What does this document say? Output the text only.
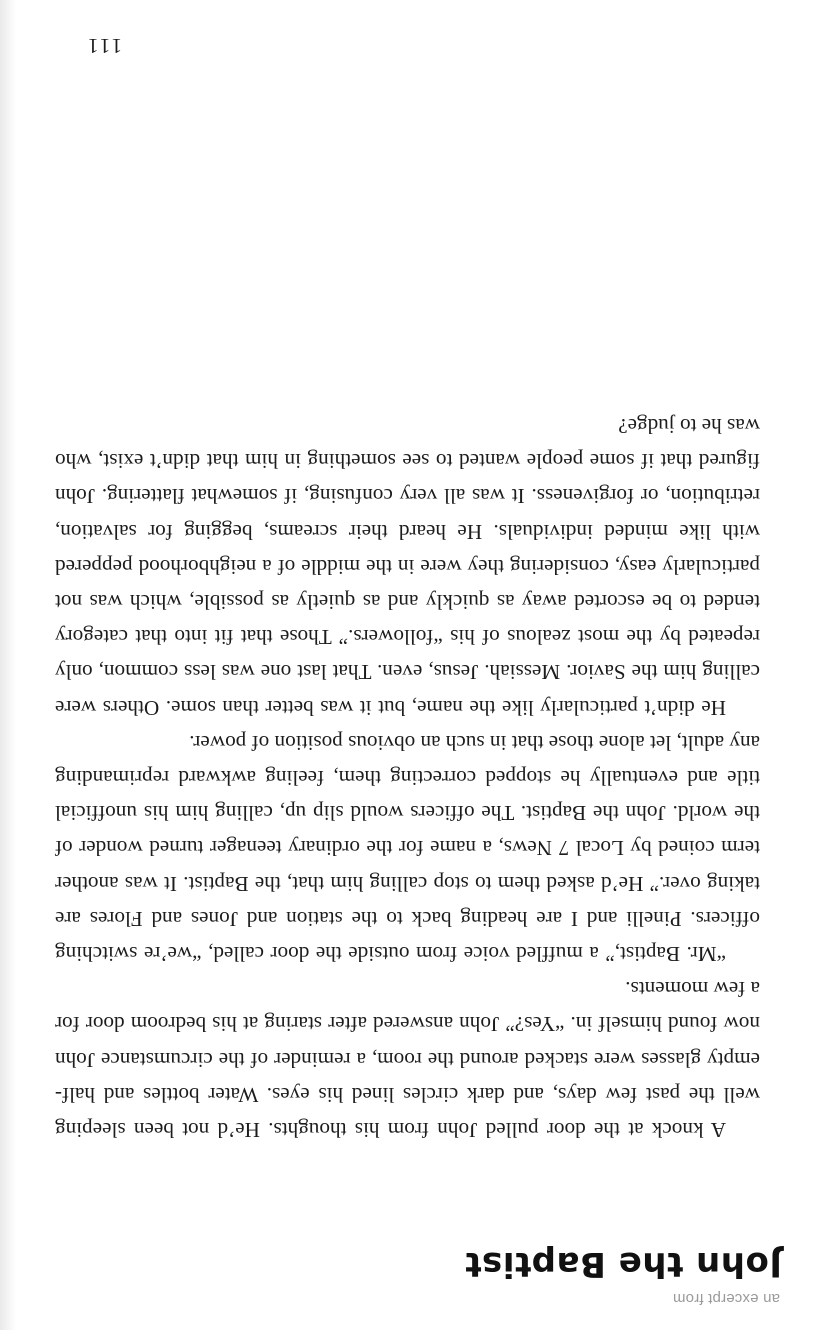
an excerpt from
John the Baptist

A knock at the door pulled John from his thoughts. He’d not been sleeping well the past few days, and dark circles lined his eyes. Water bottles and half-empty glasses were stacked around the room, a reminder of the circumstance John now found himself in. “Yes?” John answered after staring at his bedroom door for a few moments.

“Mr. Baptist,” a muffled voice from outside the door called, “we’re switching officers. Pinelli and I are heading back to the station and Jones and Flores are taking over.” He’d asked them to stop calling him that, the Baptist. It was another term coined by Local 7 News, a name for the ordinary teenager turned wonder of the world. John the Baptist. The officers would slip up, calling him his unofficial title and eventually he stopped correcting them, feeling awkward reprimanding any adult, let alone those that in such an obvious position of power.

He didn’t particularly like the name, but it was better than some. Others were calling him the Savior. Messiah. Jesus, even. That last one was less common, only repeated by the most zealous of his “followers.” Those that fit into that category tended to be escorted away as quickly and as quietly as possible, which was not particularly easy, considering they were in the middle of a neighborhood peppered with like minded individuals. He heard their screams, begging for salvation, retribution, or forgiveness. It was all very confusing, if somewhat flattering. John figured that if some people wanted to see something in him that didn’t exist, who was he to judge?

111
